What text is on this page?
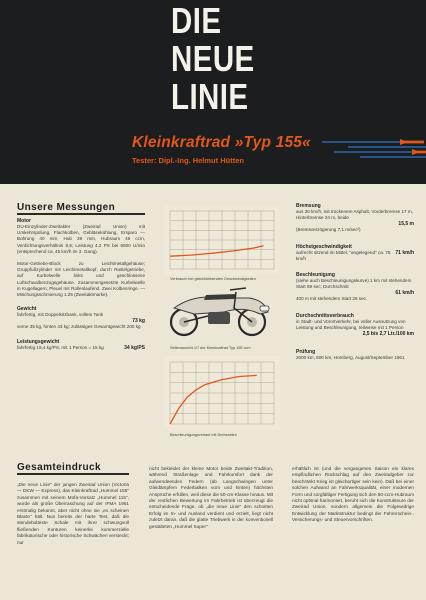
DIE
NEUE
LINIE
Kleinkraftrad »Typ 155«
Tester: Dipl.-Ing. Helmut Hütten
Unsere Messungen
Motor
DU-Einzylinder-Zweitakter (Zweirad Union) mit Umkehrspülung, Flachkolben, Gebläsekühlung, Ersparo — Bohrung 40 mm, Hub 39 mm, Hubraum 49 ccm, Verdichtungsverhältnis 8,5; Leistung 4,2 PS bei 6600 U/min (entsprechend ca. 45 km/h im 3. Gang).
Motor-Getriebe-Block zu Leichtmetallgehäuse; Gruppfußzylinder mit Leichtmetallkopf, durch Rastelgetriebe, auf Kurbelwelle links und geschlossene Luftschwalbenzugsgehäuse. Zusammengesetzte Kurbelwelle in Kugellagern; Pleuel mit Rollenlaufend. Zwei Kolbenringe. — Mischungsschmierung 1:25 (Zweitaktmarke).
Gewicht
fahrfertig, mit Doppelsitzbank, vollem Tank
73 kg
vorne 35 kg, hinten 43 kg; zulässiges Gesamtgewicht 200 kg
Leistungsgewicht
fahrfertig 19,4 kg/PS, mit 1 Person = 15 kg	34 kg/PS
Verbrauch bei gleichbleibenden Geschwindigkeiten
Seitenansicht 1/7 der Kleinkraftrad Typ 155 ccm
Beschleunigungsverlauf mit Drehzahlen
Bremsung
aus 30 km/h, mit trockenem Asphalt, Vorderbremse 17 m, Hinterbremse 24 m, beide
15,5 m
(Bremsverzögerung 7,1 m/sec²)
Höchstgeschwindigkeit
aufrecht sitzend im Mittel, "angelegend" ca. 75 km/h
71 km/h
Beschleunigung
(siehe auch Beschleunigungskurve) 1 km mit stehendem Start 59 sec; Durchschnitt
61 km/h
400 m mit stehendem Start 26 sec.
Durchschnittsverbrauch
in Stadt- und Vorortverkehr, bei voller Ausnutzung von Leistung und Beschleunigung, teilweise mit 1 Person
2,5 bis 2,7 Ltr./100 km
Prüfung
2000 km, 800 km, Homberg, August/September 1961
Gesamteindruck
„Die neue Linie" der jungen Zweirad Union (Victoria — DKW — Express), das Kleinkraftrad „Hummel 155" zusammen mit seinem Mofa-Vorsatz „Hummel 115", wurde als große Überraschung auf der IFMA 1961 erstmalig bekannt, aber nicht ohne sie „es scheinen Blaste" hält. Nun bereits der harte Test, daß die stendebulärste Schale mit ihrer schwungvoll fließenden Konturen keinerlei kommerzielle fabrikatorische oder historische Schwächen versteckt; nur
nicht bekleidet der kleine Motor beide Zweitakt-Tradition, während Straßenlage und Fahrkomfort dank der aufwendeenden Federn (ab Langschwingen unter Gleidämpfern Federbalken vorn und hinten) höchsten Ansprüche erfüllen, weil diese die 50-cm-Klasse hinaus. Mit der restlichen Bewertung im Fahrbetrieb ist überzeugt die entscheidende Frage, ob „die neue Linie" den schnitten Erfolg im In- und Ausland verdient und erzielt, liegt nicht zuletzt daran, daß die glatte Triebwerk in der konventionell gestalteten „Hummel Super"
erhältlich ist (und die vergangenen Saison ein klares empfindlichen Rückschlag auf den Zweiradgeber zur beschränkt Krieg ist gleichartiger sein kein). Daß bei einer solchen Aufwand an Fahrwerksqualität, einer modernen Form und sorgfältiger Fertigung sich den 50-ccm-Hubraum nicht optimal harmoniert, beruht sich die Konstrukteure der Zweirad Union, sondern allgemein die Folgewidrige Entwicklung der Marktstruktur bedingt der Führerschein-, Versicherungs- und Steuervorschriften.
